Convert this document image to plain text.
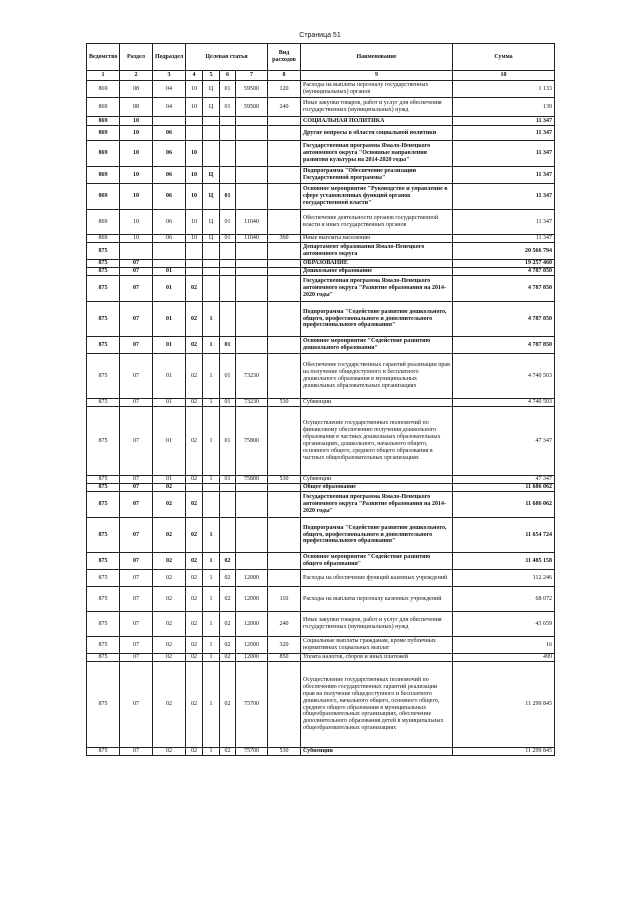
Страница 51
Ведомство	Раздел	Подраздел	Целевая статья				Вид расходов	Наименование	Сумма
1	2	3	4	5	6	7	8	9	10
869	08	04	10	Ц	01	59500	120	Расходы на выплаты персоналу государственных (муниципальных) органов	1 133
869	08	04	10	Ц	01	59500	240	Иные закупки товаров, работ и услуг для обеспечения государственных (муниципальных) нужд	139
869	10							СОЦИАЛЬНАЯ ПОЛИТИКА	11 347
869	10	06						Другие вопросы в области социальной политики	11 347
869	10	06	10					Государственная программа Ямало-Ненецкого автономного округа "Основные направления развития культуры на 2014-2020 годы"	11 347
869	10	06	10	Ц				Подпрограмма "Обеспечение реализации Государственной программы"	11 347
869	10	06	10	Ц	01			Основное мероприятие "Руководство и управление в сфере установленных функций органов государственной власти"	11 347
869	10	06	10	Ц	01	11040		Обеспечение деятельности органов государственной власти и иных государственных органов	11 347
869	10	06	10	Ц	01	11040	360	Иные выплаты населению	11 347
875								Департамент образования Ямало-Ненецкого автономного округа	20 566 794
875	07							ОБРАЗОВАНИЕ	19 257 460
875	07	01						Дошкольное образование	4 787 850
875	07	01	02					Государственная программа Ямало-Ненецкого автономного округа "Развитие образования на 2014-2020 годы"	4 787 850
875	07	01	02	1				Подпрограмма "Содействие развитию дошкольного, общего, профессионального и дополнительного профессионального образования"	4 787 850
875	07	01	02	1	01			Основное мероприятие "Содействие развитию дошкольного образования"	4 787 850
875	07	01	02	1	01	73230		Обеспечение государственных гарантий реализации прав на получение общедоступного и бесплатного дошкольного образования в муниципальных дошкольных образовательных организациях	4 740 503
875	07	01	02	1	01	73230	530	Субвенции	4 740 503
875	07	01	02	1	01	75800		Осуществление государственных полномочий по финансовому обеспечению получения дошкольного образования в частных дошкольных образовательных организациях, дошкольного, начального общего, основного общего, среднего общего образования в частных общеобразовательных организациях	47 347
875	07	01	02	1	01	75800	530	Субвенции	47 347
875	07	02						Общее образование	11 686 062
875	07	02	02					Государственная программа Ямало-Ненецкого автономного округа "Развитие образования на 2014-2020 годы"	11 686 062
875	07	02	02	1				Подпрограмма "Содействие развитию дошкольного, общего, профессионального и дополнительного профессионального образования"	11 654 724
875	07	02	02	1	02			Основное мероприятие "Содействие развитию общего образования"	11 485 158
875	07	02	02	1	02	12000		Расходы на обеспечение функций казенных учреждений	112 246
875	07	02	02	1	02	12000	110	Расходы на выплаты персоналу казенных учреждений	68 072
875	07	02	02	1	02	12000	240	Иные закупки товаров, работ и услуг для обеспечения государственных (муниципальных) нужд	43 659
875	07	02	02	1	02	12000	320	Социальные выплаты гражданам, кроме публичных нормативных социальных выплат	16
875	07	02	02	1	02	12000	850	Уплата налогов, сборов и иных платежей	499
875	07	02	02	1	02	75700		Осуществление государственных полномочий по обеспечению государственных гарантий реализации прав на получение общедоступного и бесплатного дошкольного, начального общего, основного общего, среднего общего образования в муниципальных общеобразовательных организациях, обеспечение дополнительного образования детей в муниципальных общеобразовательных организациях	11 299 845
875	07	02	02	1	02	75700	530	Субвенции	11 299 845
